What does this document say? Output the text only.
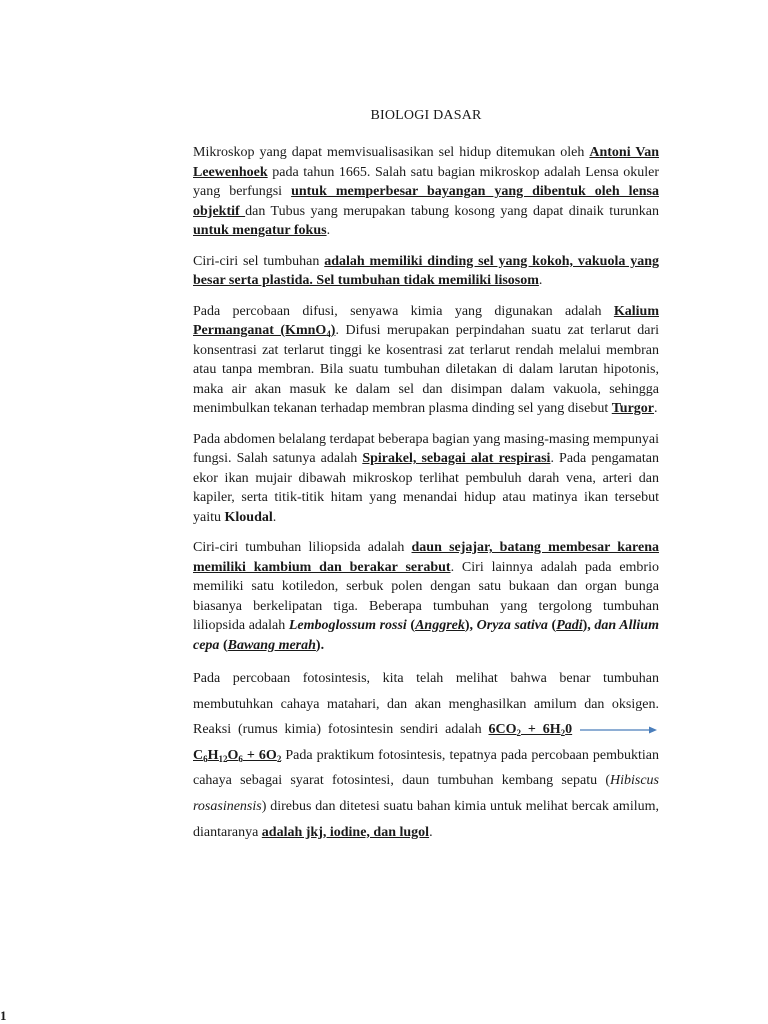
BIOLOGI DASAR

Mikroskop yang dapat memvisualisasikan sel hidup ditemukan oleh Antoni Van Leewenhoek pada tahun 1665. Salah satu bagian mikroskop adalah Lensa okuler yang berfungsi untuk memperbesar bayangan yang dibentuk oleh lensa objektif dan Tubus yang merupakan tabung kosong yang dapat dinaik turunkan untuk mengatur fokus.

Ciri-ciri sel tumbuhan adalah memiliki dinding sel yang kokoh, vakuola yang besar serta plastida. Sel tumbuhan tidak memiliki lisosom.

Pada percobaan difusi, senyawa kimia yang digunakan adalah Kalium Permanganat (KmnO$_4$). Difusi merupakan perpindahan suatu zat terlarut dari konsentrasi zat terlarut tinggi ke kosentrasi zat terlarut rendah melalui membran atau tanpa membran. Bila suatu tumbuhan diletakan di dalam larutan hipotonis, maka air akan masuk ke dalam sel dan disimpan dalam vakuola, sehingga menimbulkan tekanan terhadap membran plasma dinding sel yang disebut Turgor.

Pada abdomen belalang terdapat beberapa bagian yang masing-masing mempunyai fungsi. Salah satunya adalah Spirakel, sebagai alat respirasi. Pada pengamatan ekor ikan mujair dibawah mikroskop terlihat pembuluh darah vena, arteri dan kapiler, serta titik-titik hitam yang menandai hidup atau matinya ikan tersebut yaitu Kloudal.

Ciri-ciri tumbuhan liliopsida adalah daun sejajar, batang membesar karena memiliki kambium dan berakar serabut. Ciri lainnya adalah pada embrio memiliki satu kotiledon, serbuk polen dengan satu bukaan dan organ bunga biasanya berkelipatan tiga. Beberapa tumbuhan yang tergolong tumbuhan liliopsida adalah Lemboglossum rossi (Anggrek), Oryza sativa (Padi), dan Allium cepa (Bawang merah).

Pada percobaan fotosintesis, kita telah melihat bahwa benar tumbuhan membutuhkan cahaya matahari, dan akan menghasilkan amilum dan oksigen. Reaksi (rumus kimia) fotosintesin sendiri adalah $6CO_2 + 6H_20$
$C_6H_{12}O_6 + 6O_2$ Pada praktikum fotosintesis, tepatnya pada percobaan pembuktian cahaya sebagai syarat fotosintesi, daun tumbuhan kembang sepatu (Hibiscus rosasinensis) direbus dan ditetesi suatu bahan kimia untuk melihat bercak amilum, diantaranya adalah jkj, iodine, dan lugol.

1
